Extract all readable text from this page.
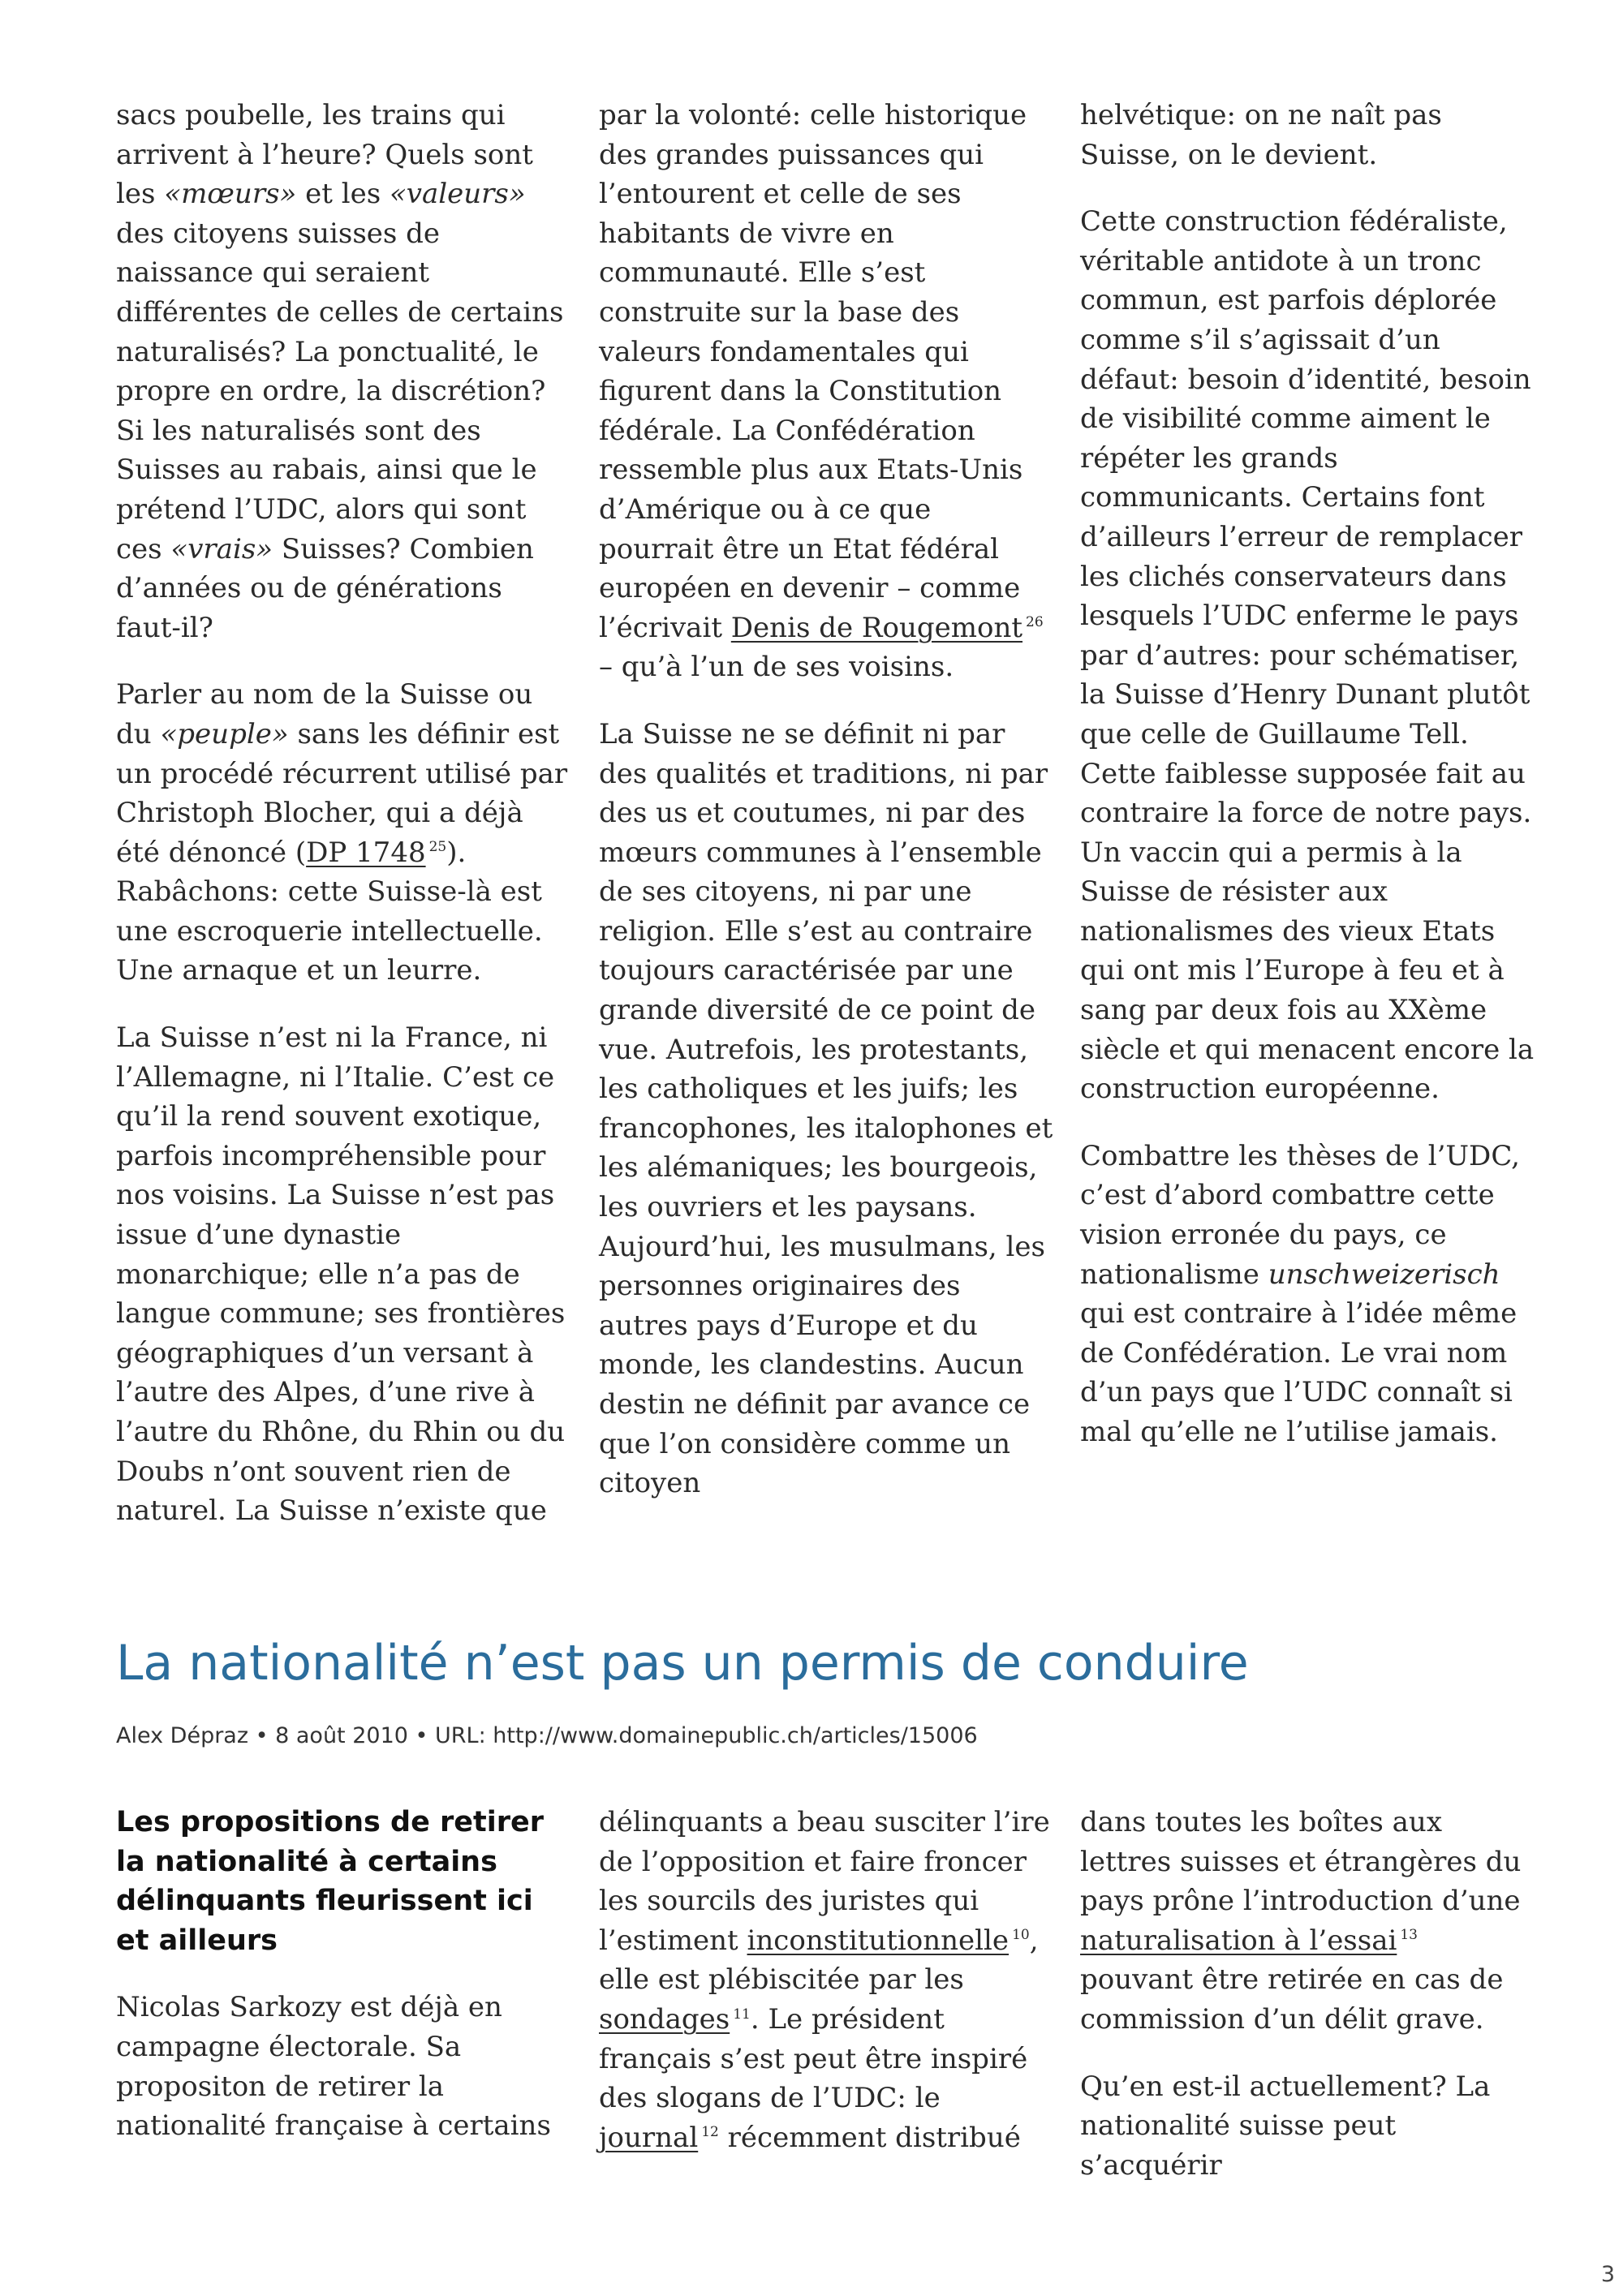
sacs poubelle, les trains qui arrivent à l’heure? Quels sont les «mœurs» et les «valeurs» des citoyens suisses de naissance qui seraient différentes de celles de certains naturalisés? La ponctualité, le propre en ordre, la discrétion? Si les naturalisés sont des Suisses au rabais, ainsi que le prétend l’UDC, alors qui sont ces «vrais» Suisses? Combien d’années ou de générations faut-il?

Parler au nom de la Suisse ou du «peuple» sans les définir est un procédé récurrent utilisé par Christoph Blocher, qui a déjà été dénoncé (DP 1748 $^{25}$). Rabâchons: cette Suisse-là est une escroquerie intellectuelle. Une arnaque et un leurre.

La Suisse n’est ni la France, ni l’Allemagne, ni l’Italie. C’est ce qu’il la rend souvent exotique, parfois incompréhensible pour nos voisins. La Suisse n’est pas issue d’une dynastie monarchique; elle n’a pas de langue commune; ses frontières géographiques d’un versant à l’autre des Alpes, d’une rive à l’autre du Rhône, du Rhin ou du Doubs n’ont souvent rien de naturel. La Suisse n’existe que

par la volonté: celle historique des grandes puissances qui l’entourent et celle de ses habitants de vivre en communauté. Elle s’est construite sur la base des valeurs fondamentales qui figurent dans la Constitution fédérale. La Confédération ressemble plus aux Etats-Unis d’Amérique ou à ce que pourrait être un Etat fédéral européen en devenir – comme l’écrivait Denis de Rougemont $^{26}$ – qu’à l’un de ses voisins.

La Suisse ne se définit ni par des qualités et traditions, ni par des us et coutumes, ni par des mœurs communes à l’ensemble de ses citoyens, ni par une religion. Elle s’est au contraire toujours caractérisée par une grande diversité de ce point de vue. Autrefois, les protestants, les catholiques et les juifs; les francophones, les italophones et les alémaniques; les bourgeois, les ouvriers et les paysans. Aujourd’hui, les musulmans, les personnes originaires des autres pays d’Europe et du monde, les clandestins. Aucun destin ne définit par avance ce que l’on considère comme un citoyen

helvétique: on ne naît pas Suisse, on le devient.

Cette construction fédéraliste, véritable antidote à un tronc commun, est parfois déplorée comme s’il s’agissait d’un défaut: besoin d’identité, besoin de visibilité comme aiment le répéter les grands communicants. Certains font d’ailleurs l’erreur de remplacer les clichés conservateurs dans lesquels l’UDC enferme le pays par d’autres: pour schématiser, la Suisse d’Henry Dunant plutôt que celle de Guillaume Tell. Cette faiblesse supposée fait au contraire la force de notre pays. Un vaccin qui a permis à la Suisse de résister aux nationalismes des vieux Etats qui ont mis l’Europe à feu et à sang par deux fois au XXème siècle et qui menacent encore la construction européenne.

Combattre les thèses de l’UDC, c’est d’abord combattre cette vision erronée du pays, ce nationalisme unschweizerisch qui est contraire à l’idée même de Confédération. Le vrai nom d’un pays que l’UDC connaît si mal qu’elle ne l’utilise jamais.

La nationalité n’est pas un permis de conduire
Alex Dépraz • 8 août 2010 • URL: http://www.domainepublic.ch/articles/15006

Les propositions de retirer la nationalité à certains délinquants fleurissent ici et ailleurs

Nicolas Sarkozy est déjà en campagne électorale. Sa propositon de retirer la nationalité française à certains

délinquants a beau susciter l’ire de l’opposition et faire froncer les sourcils des juristes qui l’estiment inconstitutionnelle $^{10}$, elle est plébiscitée par les sondages $^{11}$. Le président français s’est peut être inspiré des slogans de l’UDC: le journal $^{12}$ récemment distribué

dans toutes les boîtes aux lettres suisses et étrangères du pays prône l’introduction d’une naturalisation à l’essai $^{13}$ pouvant être retirée en cas de commission d’un délit grave.

Qu’en est-il actuellement? La nationalité suisse peut s’acquérir

3
